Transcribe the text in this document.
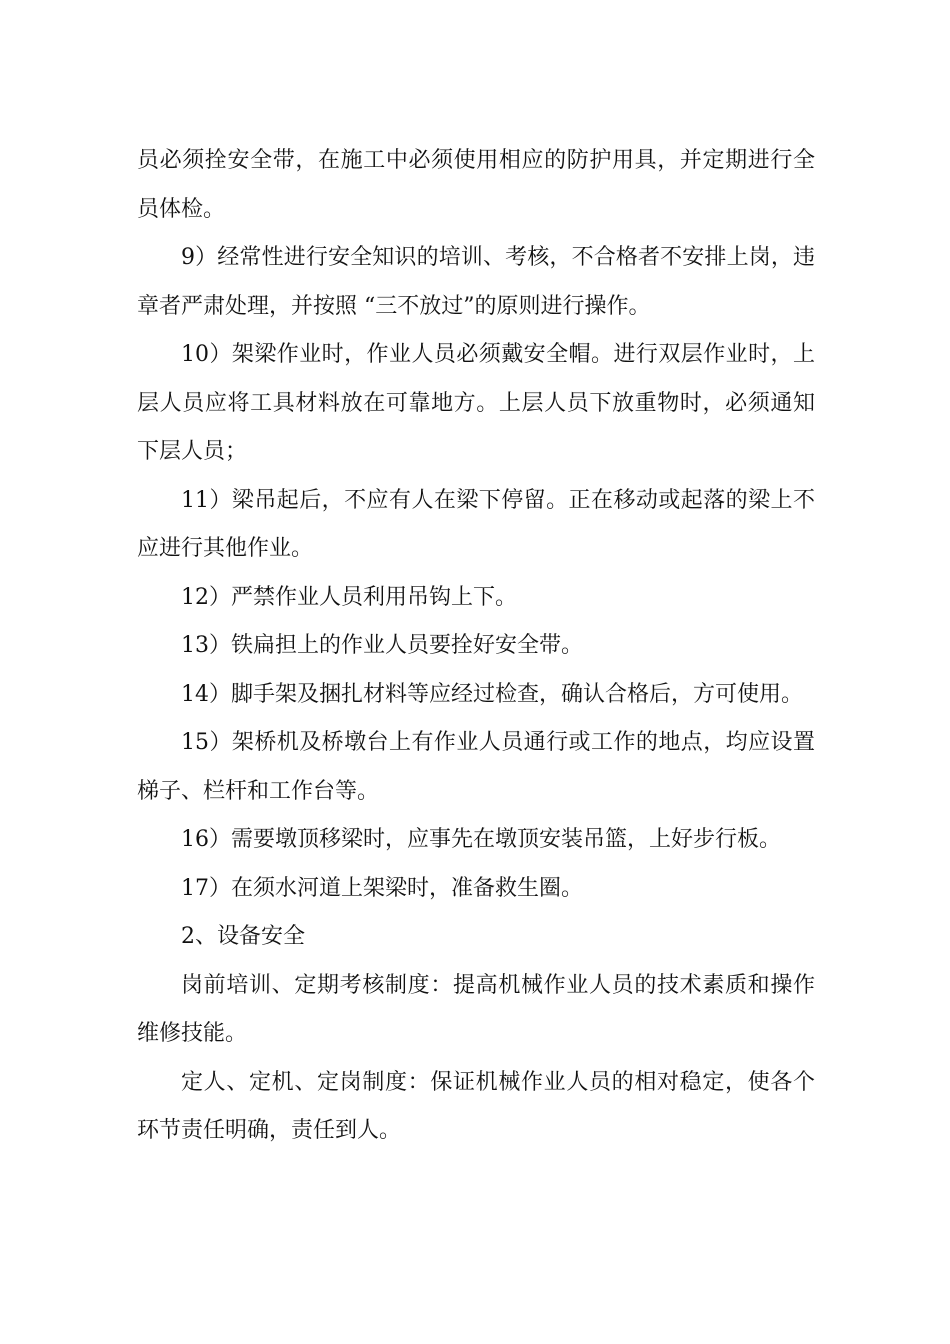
员必须拴安全带，在施工中必须使用相应的防护用具，并定期进行全员体检。

9）经常性进行安全知识的培训、考核，不合格者不安排上岗，违章者严肃处理，并按照 “三不放过”的原则进行操作。

10）架梁作业时，作业人员必须戴安全帽。进行双层作业时，上层人员应将工具材料放在可靠地方。上层人员下放重物时，必须通知下层人员；

11）梁吊起后，不应有人在梁下停留。正在移动或起落的梁上不应进行其他作业。

12）严禁作业人员利用吊钩上下。

13）铁扁担上的作业人员要拴好安全带。

14）脚手架及捆扎材料等应经过检查，确认合格后，方可使用。

15）架桥机及桥墩台上有作业人员通行或工作的地点，均应设置梯子、栏杆和工作台等。

16）需要墩顶移梁时，应事先在墩顶安装吊篮，上好步行板。

17）在须水河道上架梁时，准备救生圈。

2、设备安全

岗前培训、定期考核制度：提高机械作业人员的技术素质和操作维修技能。

定人、定机、定岗制度：保证机械作业人员的相对稳定，使各个环节责任明确，责任到人。
